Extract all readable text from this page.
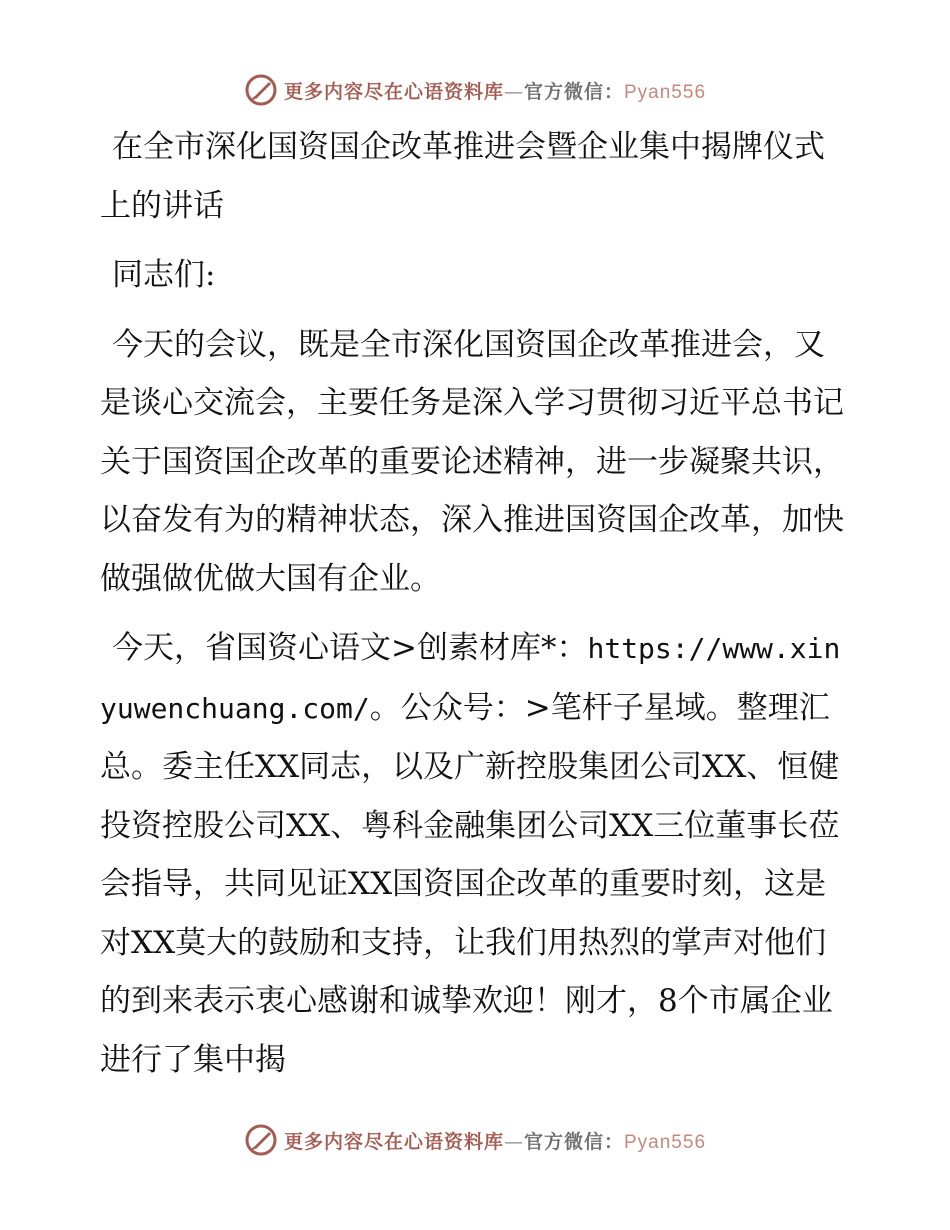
更多内容尽在心语资料库—官方微信：Pyan556

在全市深化国资国企改革推进会暨企业集中揭牌仪式上的讲话

同志们:

今天的会议，既是全市深化国资国企改革推进会，又是谈心交流会，主要任务是深入学习贯彻习近平总书记关于国资国企改革的重要论述精神，进一步凝聚共识，以奋发有为的精神状态，深入推进国资国企改革，加快做强做优做大国有企业。

今天，省国资心语文>创素材库*：https://www.xinyuwenchuang.com/。公众号：>笔杆子星域。整理汇总。委主任XX同志，以及广新控股集团公司XX、恒健投资控股公司XX、粤科金融集团公司XX三位董事长莅会指导，共同见证XX国资国企改革的重要时刻，这是对XX莫大的鼓励和支持，让我们用热烈的掌声对他们的到来表示衷心感谢和诚挚欢迎！刚才，8个市属企业进行了集中揭

更多内容尽在心语资料库—官方微信：Pyan556
